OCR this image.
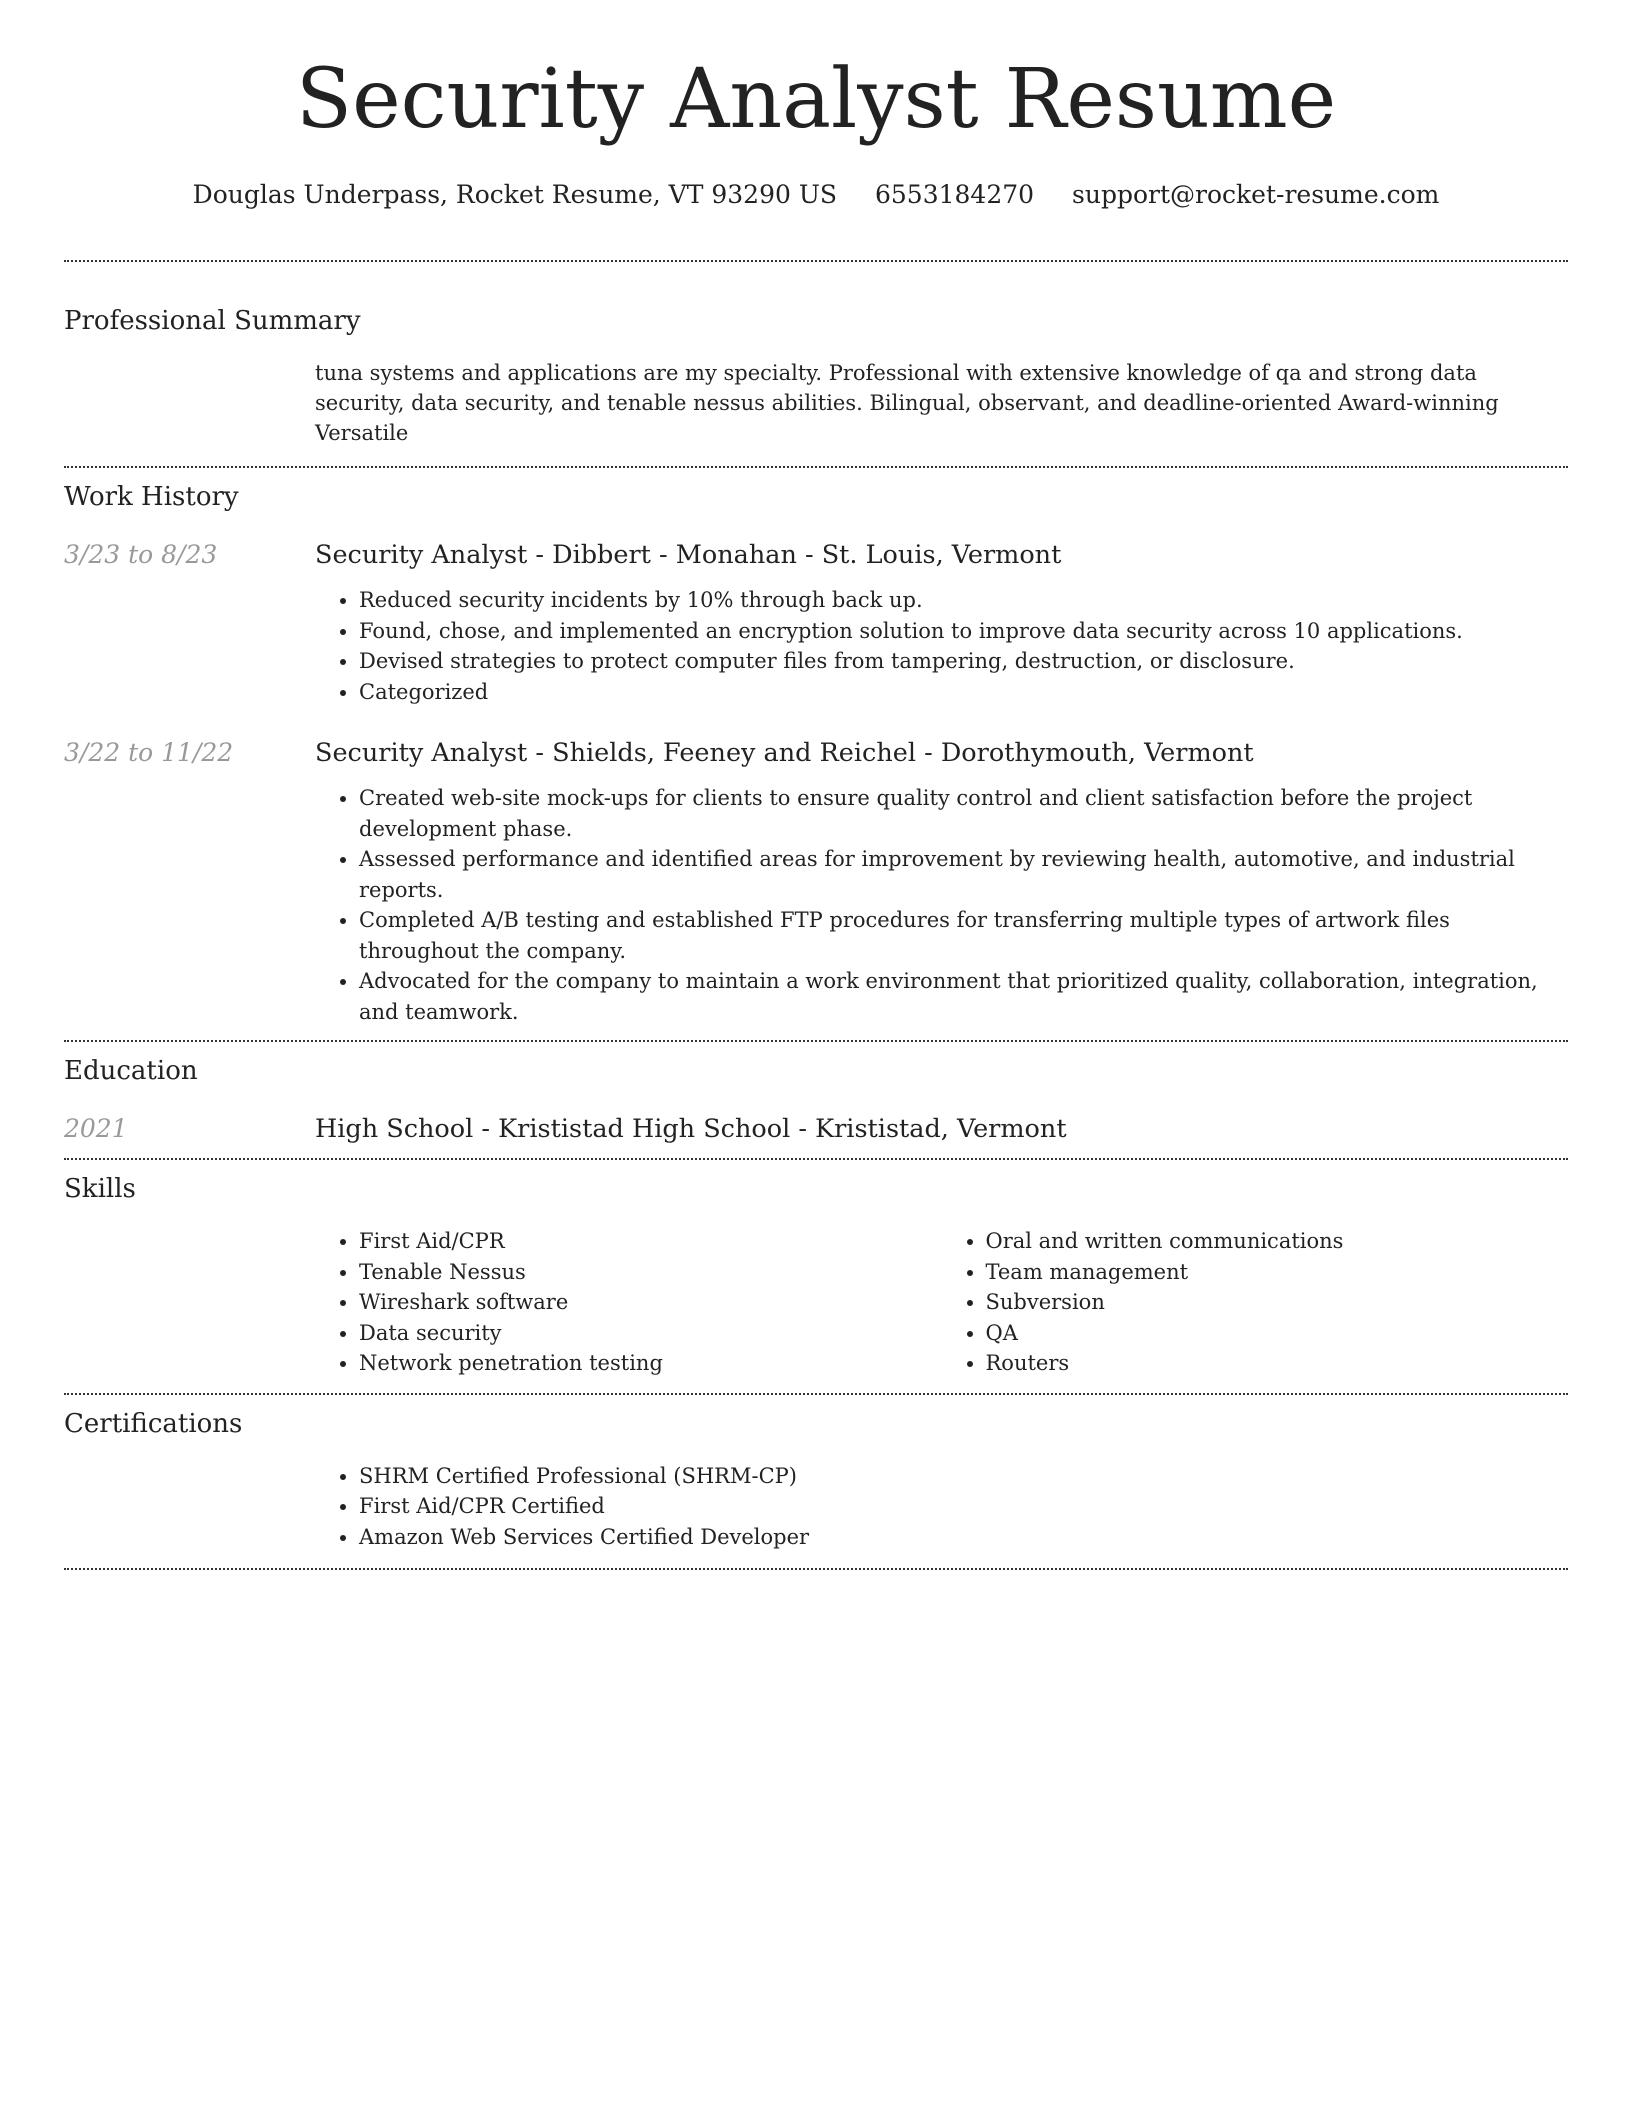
Security Analyst Resume
Douglas Underpass, Rocket Resume, VT 93290 US 6553184270 support@rocket-resume.com
Professional Summary

tuna systems and applications are my specialty. Professional with extensive knowledge of qa and strong data security, data security, and tenable nessus abilities. Bilingual, observant, and deadline-oriented Award-winning Versatile

Work History
3/23 to 8/23	Security Analyst - Dibbert - Monahan - St. Louis, Vermont
• Reduced security incidents by 10% through back up.
• Found, chose, and implemented an encryption solution to improve data security across 10 applications.
• Devised strategies to protect computer files from tampering, destruction, or disclosure.
• Categorized
3/22 to 11/22	Security Analyst - Shields, Feeney and Reichel - Dorothymouth, Vermont
• Created web-site mock-ups for clients to ensure quality control and client satisfaction before the project development phase.
• Assessed performance and identified areas for improvement by reviewing health, automotive, and industrial reports.
• Completed A/B testing and established FTP procedures for transferring multiple types of artwork files throughout the company.
• Advocated for the company to maintain a work environment that prioritized quality, collaboration, integration, and teamwork.
Education
2021	High School - Krististad High School - Krististad, Vermont
Skills
• First Aid/CPR
• Tenable Nessus
• Wireshark software
• Data security
• Network penetration testing
• Oral and written communications
• Team management
• Subversion
• QA
• Routers
Certifications
• SHRM Certified Professional (SHRM-CP)
• First Aid/CPR Certified
• Amazon Web Services Certified Developer
